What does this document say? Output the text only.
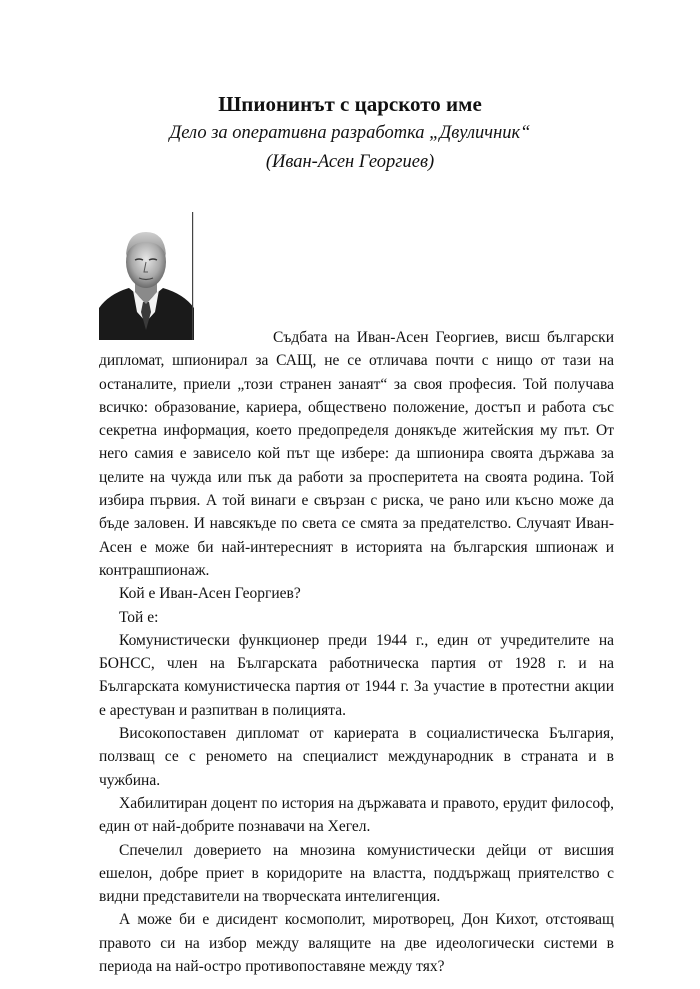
Шпионинът с царското име

Дело за оперативна разработка „Двуличник“

(Иван-Асен Георгиев)

Съдбата на Иван-Асен Георгиев, висш български дипломат, шпионирал за САЩ, не се отличава почти с нищо от тази на останалите, приели „този странен занаят“ за своя професия. Той получава всичко: образование, кариера, обществено положение, достъп и работа със секретна информация, което предопределя донякъде житейския му път. От него самия е зависело кой път ще избере: да шпионира своята държава за целите на чужда или пък да работи за просперитета на своята родина. Той избира първия. А той винаги е свързан с риска, че рано или късно може да бъде заловен. И навсякъде по света се смята за предателство. Случаят Иван-Асен е може би най-интересният в историята на българския шпионаж и контрашпионаж.

Кой е Иван-Асен Георгиев?

Той е:

Комунистически функционер преди 1944 г., един от учредителите на БОНСС, член на Българската работническа партия от 1928 г. и на Българската комунистическа партия от 1944 г. За участие в протестни акции е арестуван и разпитван в полицията.

Високопоставен дипломат от кариерата в социалистическа България, ползващ се с реномето на специалист международник в страната и в чужбина.

Хабилитиран доцент по история на държавата и правото, ерудит философ, един от най-добрите познавачи на Хегел.

Спечелил доверието на мнозина комунистически дейци от висшия ешелон, добре приет в коридорите на властта, поддържащ приятелство с видни представители на творческата интелигенция.

А може би е дисидент космополит, миротворец, Дон Кихот, отстояващ правото си на избор между валящите на две идеологически системи в периода на най-остро противопоставяне между тях?
